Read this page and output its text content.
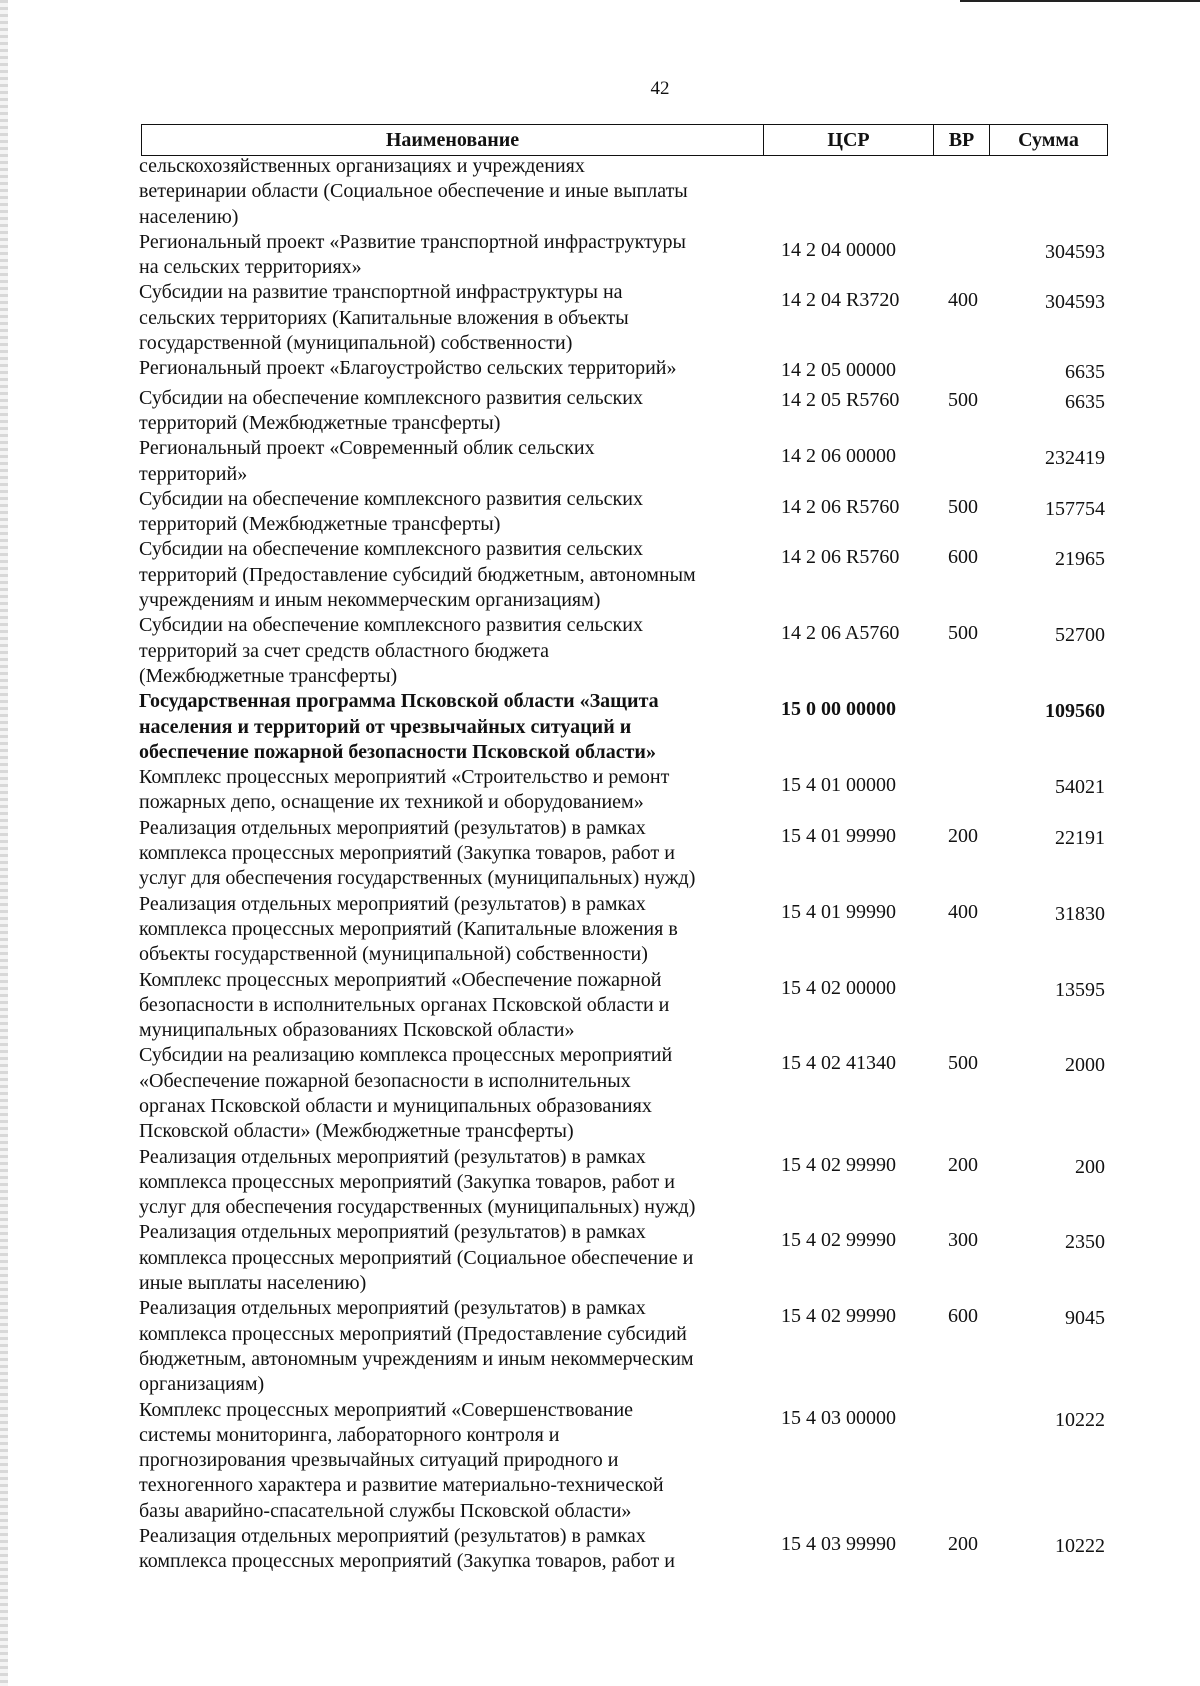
42
Наименование	ЦСР	ВР	Сумма
сельскохозяйственных организациях и учреждениях
ветеринарии области (Социальное обеспечение и иные выплаты
населению)
Региональный проект «Развитие транспортной инфраструктуры
на сельских территориях»
14 2 04 00000	304593
Субсидии на развитие транспортной инфраструктуры на
сельских территориях (Капитальные вложения в объекты
государственной (муниципальной) собственности)
14 2 04 R3720	400	304593
Региональный проект «Благоустройство сельских территорий»	14 2 05 00000	6635
Субсидии на обеспечение комплексного развития сельских
территорий (Межбюджетные трансферты)
14 2 05 R5760	500	6635
Региональный проект «Современный облик сельских
территорий»
14 2 06 00000	232419
Субсидии на обеспечение комплексного развития сельских
территорий (Межбюджетные трансферты)
14 2 06 R5760	500	157754
Субсидии на обеспечение комплексного развития сельских
территорий (Предоставление субсидий бюджетным, автономным
учреждениям и иным некоммерческим организациям)
14 2 06 R5760	600	21965
Субсидии на обеспечение комплексного развития сельских
территорий за счет средств областного бюджета
(Межбюджетные трансферты)
14 2 06 A5760	500	52700
Государственная программа Псковской области «Защита
населения и территорий от чрезвычайных ситуаций и
обеспечение пожарной безопасности Псковской области»
15 0 00 00000	109560
Комплекс процессных мероприятий «Строительство и ремонт
пожарных депо, оснащение их техникой и оборудованием»
15 4 01 00000	54021
Реализация отдельных мероприятий (результатов) в рамках
комплекса процессных мероприятий (Закупка товаров, работ и
услуг для обеспечения государственных (муниципальных) нужд)
15 4 01 99990	200	22191
Реализация отдельных мероприятий (результатов) в рамках
комплекса процессных мероприятий (Капитальные вложения в
объекты государственной (муниципальной) собственности)
15 4 01 99990	400	31830
Комплекс процессных мероприятий «Обеспечение пожарной
безопасности в исполнительных органах Псковской области и
муниципальных образованиях Псковской области»
15 4 02 00000	13595
Субсидии на реализацию комплекса процессных мероприятий
«Обеспечение пожарной безопасности в исполнительных
органах Псковской области и муниципальных образованиях
Псковской области» (Межбюджетные трансферты)
15 4 02 41340	500	2000
Реализация отдельных мероприятий (результатов) в рамках
комплекса процессных мероприятий (Закупка товаров, работ и
услуг для обеспечения государственных (муниципальных) нужд)
15 4 02 99990	200	200
Реализация отдельных мероприятий (результатов) в рамках
комплекса процессных мероприятий (Социальное обеспечение и
иные выплаты населению)
15 4 02 99990	300	2350
Реализация отдельных мероприятий (результатов) в рамках
комплекса процессных мероприятий (Предоставление субсидий
бюджетным, автономным учреждениям и иным некоммерческим
организациям)
15 4 02 99990	600	9045
Комплекс процессных мероприятий «Совершенствование
системы мониторинга, лабораторного контроля и
прогнозирования чрезвычайных ситуаций природного и
техногенного характера и развитие материально-технической
базы аварийно-спасательной службы Псковской области»
15 4 03 00000	10222
Реализация отдельных мероприятий (результатов) в рамках
комплекса процессных мероприятий (Закупка товаров, работ и
15 4 03 99990	200	10222
